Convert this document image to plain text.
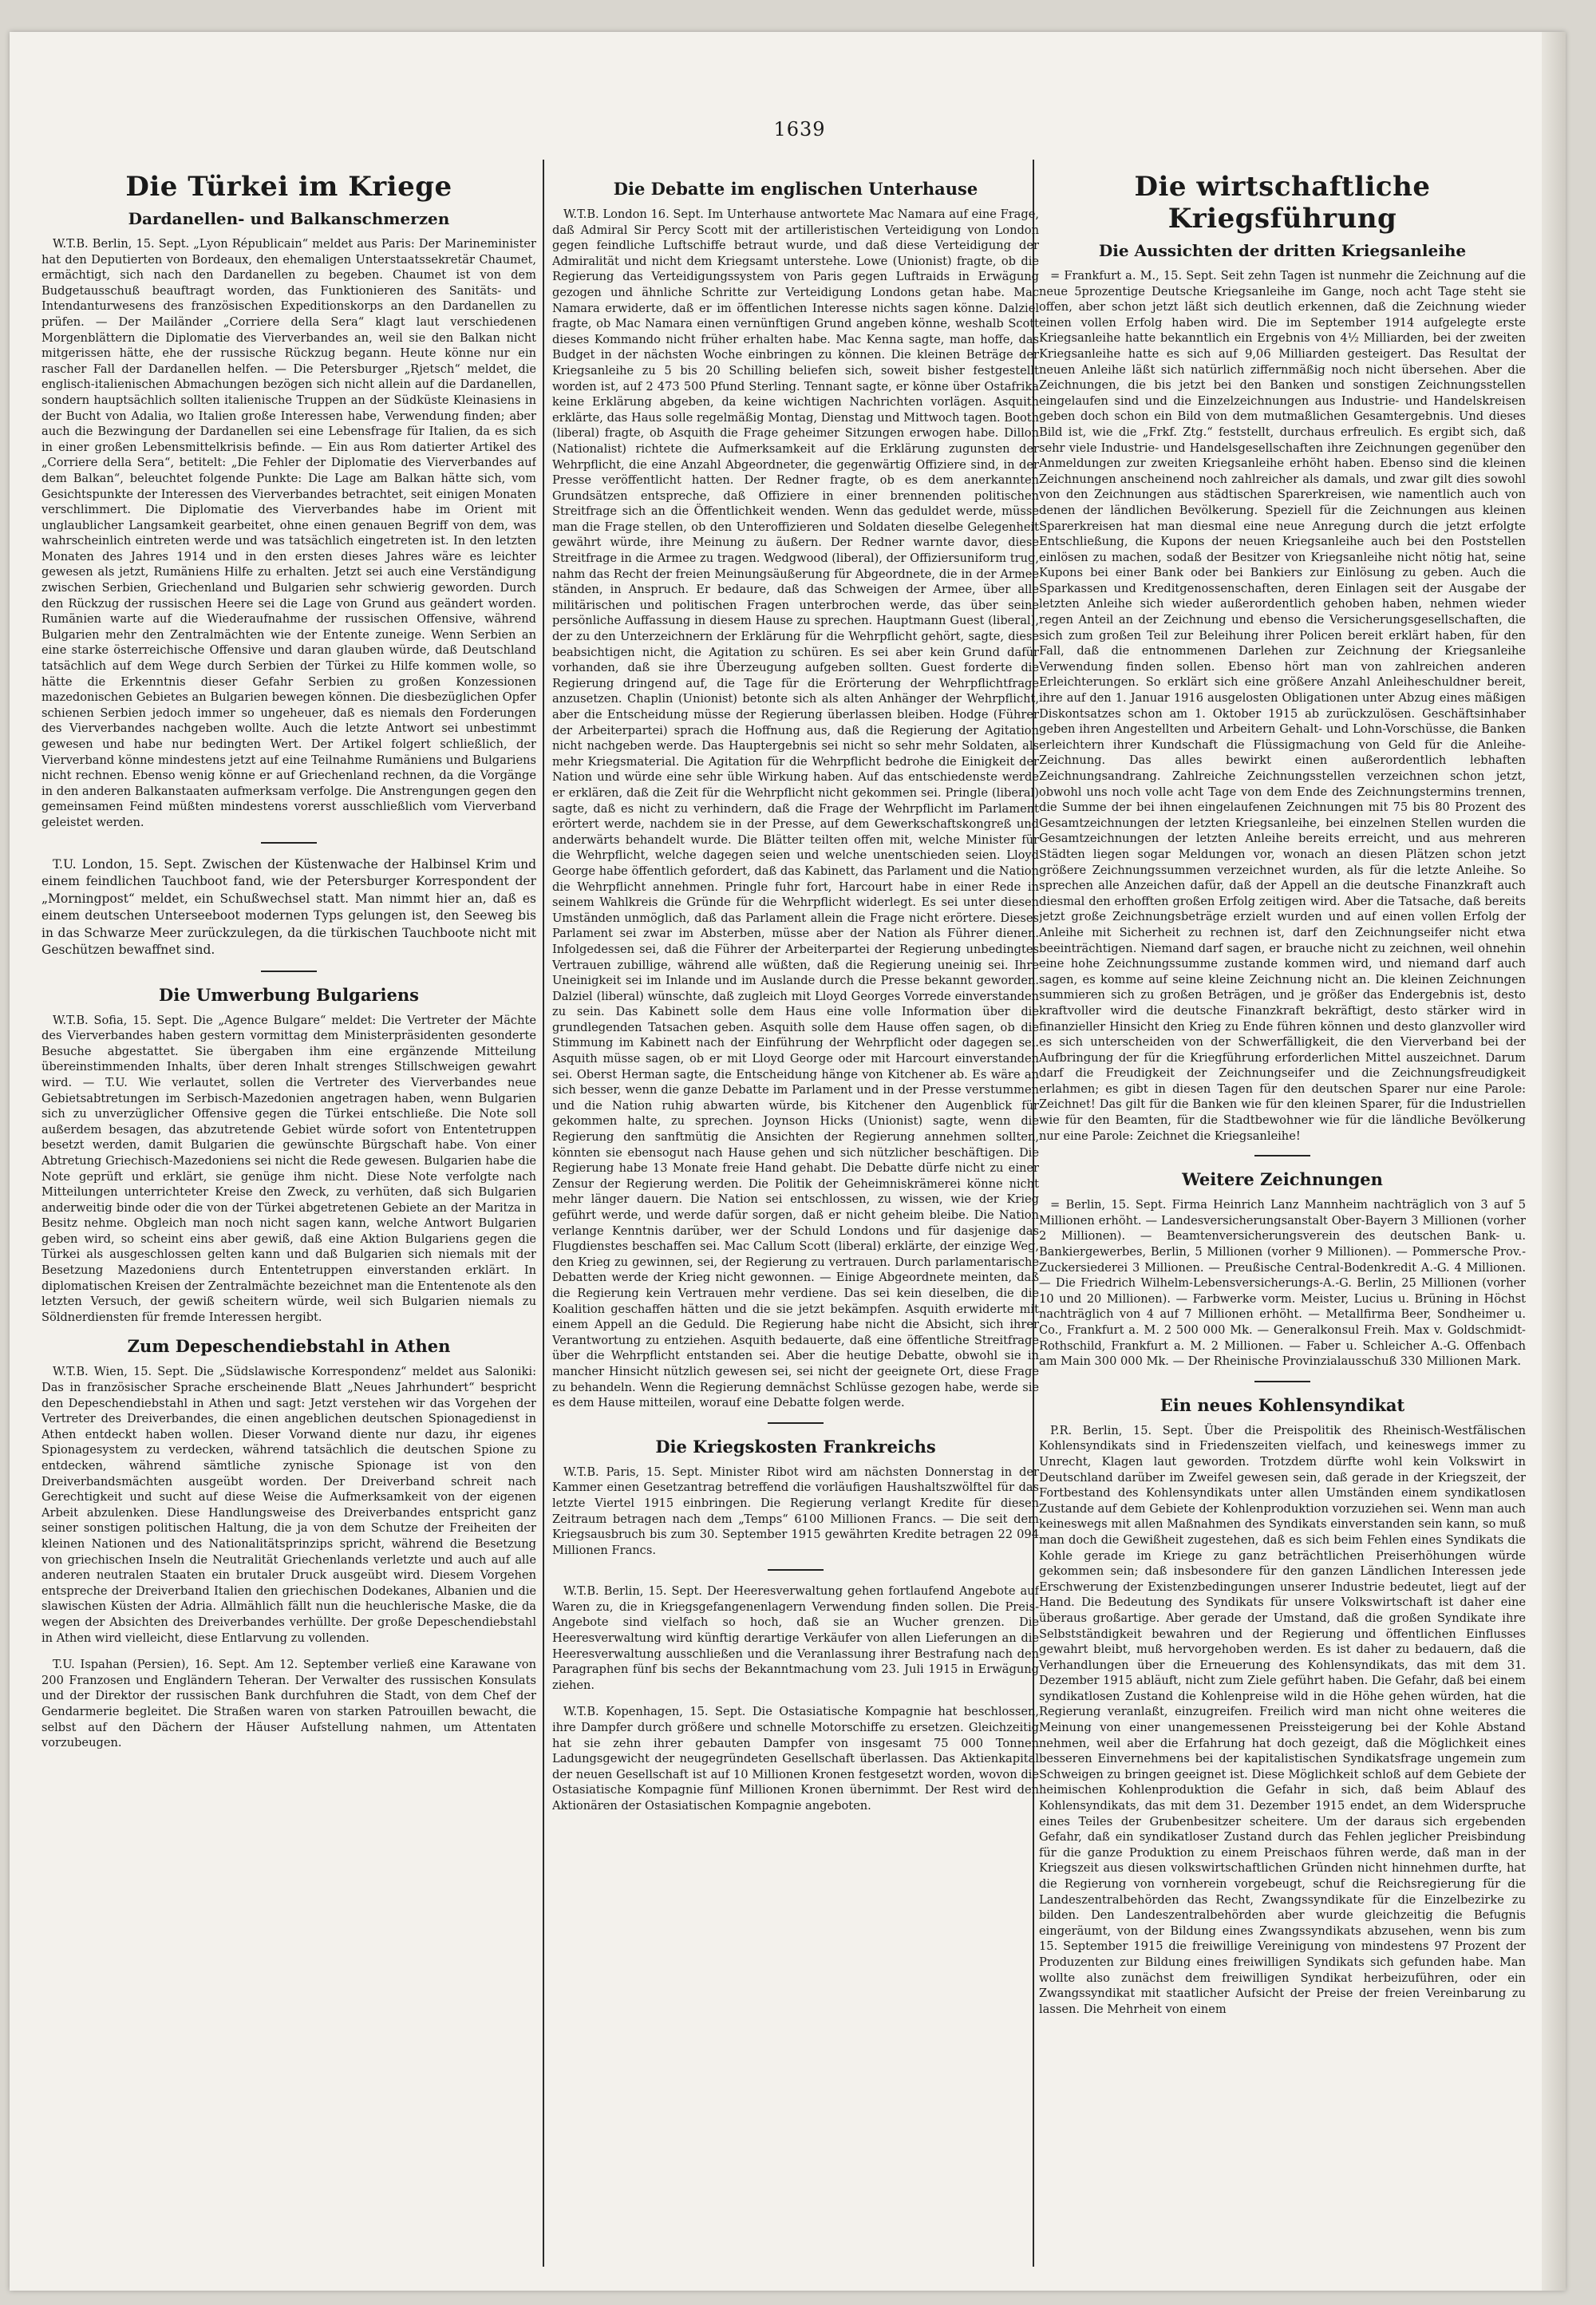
1639
Die Türkei im Kriege
Dardanellen- und Balkanschmerzen

W.T.B. Berlin, 15. Sept. „Lyon Républicain“ meldet aus Paris: Der Marineminister hat den Deputierten von Bordeaux, den ehemaligen Unterstaatssekretär Chaumet, ermächtigt, sich nach den Dardanellen zu begeben. Chaumet ist von dem Budgetausschuß beauftragt worden, das Funktionieren des Sanitäts- und Intendanturwesens des französischen Expeditionskorps an den Dardanellen zu prüfen. — Der Mailänder „Corriere della Sera“ klagt laut verschiedenen Morgenblättern die Diplomatie des Vierverbandes an, weil sie den Balkan nicht mitgerissen hätte, ehe der russische Rückzug begann. Heute könne nur ein rascher Fall der Dardanellen helfen. — Die Petersburger „Rjetsch“ meldet, die englisch-italienischen Abmachungen bezögen sich nicht allein auf die Dardanellen, sondern hauptsächlich sollten italienische Truppen an der Südküste Kleinasiens in der Bucht von Adalia, wo Italien große Interessen habe, Verwendung finden; aber auch die Bezwingung der Dardanellen sei eine Lebensfrage für Italien, da es sich in einer großen Lebensmittelkrisis befinde. — Ein aus Rom datierter Artikel des „Corriere della Sera“, betitelt: „Die Fehler der Diplomatie des Vierverbandes auf dem Balkan“, beleuchtet folgende Punkte: Die Lage am Balkan hätte sich, vom Gesichtspunkte der Interessen des Vierverbandes betrachtet, seit einigen Monaten verschlimmert. Die Diplomatie des Vierverbandes habe im Orient mit unglaublicher Langsamkeit gearbeitet, ohne einen genauen Begriff von dem, was wahrscheinlich eintreten werde und was tatsächlich eingetreten ist. In den letzten Monaten des Jahres 1914 und in den ersten dieses Jahres wäre es leichter gewesen als jetzt, Rumäniens Hilfe zu erhalten. Jetzt sei auch eine Verständigung zwischen Serbien, Griechenland und Bulgarien sehr schwierig geworden. Durch den Rückzug der russischen Heere sei die Lage von Grund aus geändert worden. Rumänien warte auf die Wiederaufnahme der russischen Offensive, während Bulgarien mehr den Zentralmächten wie der Entente zuneige. Wenn Serbien an eine starke österreichische Offensive und daran glauben würde, daß Deutschland tatsächlich auf dem Wege durch Serbien der Türkei zu Hilfe kommen wolle, so hätte die Erkenntnis dieser Gefahr Serbien zu großen Konzessionen mazedonischen Gebietes an Bulgarien bewegen können. Die diesbezüglichen Opfer schienen Serbien jedoch immer so ungeheuer, daß es niemals den Forderungen des Vierverbandes nachgeben wollte. Auch die letzte Antwort sei unbestimmt gewesen und habe nur bedingten Wert. Der Artikel folgert schließlich, der Vierverband könne mindestens jetzt auf eine Teilnahme Rumäniens und Bulgariens nicht rechnen. Ebenso wenig könne er auf Griechenland rechnen, da die Vorgänge in den anderen Balkanstaaten aufmerksam verfolge. Die Anstrengungen gegen den gemeinsamen Feind müßten mindestens vorerst ausschließlich vom Vierverband geleistet werden.

T.U. London, 15. Sept. Zwischen der Küstenwache der Halbinsel Krim und einem feindlichen Tauchboot fand, wie der Petersburger Korrespondent der „Morningpost“ meldet, ein Schußwechsel statt. Man nimmt hier an, daß es einem deutschen Unterseeboot modernen Typs gelungen ist, den Seeweg bis in das Schwarze Meer zurückzulegen, da die türkischen Tauchboote nicht mit Geschützen bewaffnet sind.

Die Umwerbung Bulgariens

W.T.B. Sofia, 15. Sept. Die „Agence Bulgare“ meldet: Die Vertreter der Mächte des Vierverbandes haben gestern vormittag dem Ministerpräsidenten gesonderte Besuche abgestattet. Sie übergaben ihm eine ergänzende Mitteilung übereinstimmenden Inhalts, über deren Inhalt strenges Stillschweigen gewahrt wird. — T.U. Wie verlautet, sollen die Vertreter des Vierverbandes neue Gebietsabtretungen im Serbisch-Mazedonien angetragen haben, wenn Bulgarien sich zu unverzüglicher Offensive gegen die Türkei entschließe. Die Note soll außerdem besagen, das abzutretende Gebiet würde sofort von Ententetruppen besetzt werden, damit Bulgarien die gewünschte Bürgschaft habe. Von einer Abtretung Griechisch-Mazedoniens sei nicht die Rede gewesen. Bulgarien habe die Note geprüft und erklärt, sie genüge ihm nicht. Diese Note verfolgte nach Mitteilungen unterrichteter Kreise den Zweck, zu verhüten, daß sich Bulgarien anderweitig binde oder die von der Türkei abgetretenen Gebiete an der Maritza in Besitz nehme. Obgleich man noch nicht sagen kann, welche Antwort Bulgarien geben wird, so scheint eins aber gewiß, daß eine Aktion Bulgariens gegen die Türkei als ausgeschlossen gelten kann und daß Bulgarien sich niemals mit der Besetzung Mazedoniens durch Ententetruppen einverstanden erklärt. In diplomatischen Kreisen der Zentralmächte bezeichnet man die Ententenote als den letzten Versuch, der gewiß scheitern würde, weil sich Bulgarien niemals zu Söldnerdiensten für fremde Interessen hergibt.

Zum Depeschendiebstahl in Athen

W.T.B. Wien, 15. Sept. Die „Südslawische Korrespondenz“ meldet aus Saloniki: Das in französischer Sprache erscheinende Blatt „Neues Jahrhundert“ bespricht den Depeschendiebstahl in Athen und sagt: Jetzt verstehen wir das Vorgehen der Vertreter des Dreiverbandes, die einen angeblichen deutschen Spionagedienst in Athen entdeckt haben wollen. Dieser Vorwand diente nur dazu, ihr eigenes Spionagesystem zu verdecken, während tatsächlich die deutschen Spione zu entdecken, während sämtliche zynische Spionage ist von den Dreiverbandsmächten ausgeübt worden. Der Dreiverband schreit nach Gerechtigkeit und sucht auf diese Weise die Aufmerksamkeit von der eigenen Arbeit abzulenken. Diese Handlungsweise des Dreiverbandes entspricht ganz seiner sonstigen politischen Haltung, die ja von dem Schutze der Freiheiten der kleinen Nationen und des Nationalitätsprinzips spricht, während die Besetzung von griechischen Inseln die Neutralität Griechenlands verletzte und auch auf alle anderen neutralen Staaten ein brutaler Druck ausgeübt wird. Diesem Vorgehen entspreche der Dreiverband Italien den griechischen Dodekanes, Albanien und die slawischen Küsten der Adria. Allmählich fällt nun die heuchlerische Maske, die da wegen der Absichten des Dreiverbandes verhüllte. Der große Depeschendiebstahl in Athen wird vielleicht, diese Entlarvung zu vollenden.

T.U. Ispahan (Persien), 16. Sept. Am 12. September verließ eine Karawane von 200 Franzosen und Engländern Teheran. Der Verwalter des russischen Konsulats und der Direktor der russischen Bank durchfuhren die Stadt, von dem Chef der Gendarmerie begleitet. Die Straßen waren von starken Patrouillen bewacht, die selbst auf den Dächern der Häuser Aufstellung nahmen, um Attentaten vorzubeugen.

Die Debatte im englischen Unterhause

W.T.B. London 16. Sept. Im Unterhause antwortete Mac Namara auf eine Frage, daß Admiral Sir Percy Scott mit der artilleristischen Verteidigung von London gegen feindliche Luftschiffe betraut wurde, und daß diese Verteidigung der Admiralität und nicht dem Kriegsamt unterstehe. Lowe (Unionist) fragte, ob die Regierung das Verteidigungssystem von Paris gegen Luftraids in Erwägung gezogen und ähnliche Schritte zur Verteidigung Londons getan habe. Mac Namara erwiderte, daß er im öffentlichen Interesse nichts sagen könne. Dalziel fragte, ob Mac Namara einen vernünftigen Grund angeben könne, weshalb Scott dieses Kommando nicht früher erhalten habe. Mac Kenna sagte, man hoffe, das Budget in der nächsten Woche einbringen zu können. Die kleinen Beträge der Kriegsanleihe zu 5 bis 20 Schilling beliefen sich, soweit bisher festgestellt worden ist, auf 2 473 500 Pfund Sterling. Tennant sagte, er könne über Ostafrika keine Erklärung abgeben, da keine wichtigen Nachrichten vorlägen. Asquith erklärte, das Haus solle regelmäßig Montag, Dienstag und Mittwoch tagen. Booth (liberal) fragte, ob Asquith die Frage geheimer Sitzungen erwogen habe. Dillon (Nationalist) richtete die Aufmerksamkeit auf die Erklärung zugunsten der Wehrpflicht, die eine Anzahl Abgeordneter, die gegenwärtig Offiziere sind, in der Presse veröffentlicht hatten. Der Redner fragte, ob es dem anerkannten Grundsätzen entspreche, daß Offiziere in einer brennenden politischen Streitfrage sich an die Öffentlichkeit wenden. Wenn das geduldet werde, müsse man die Frage stellen, ob den Unteroffizieren und Soldaten dieselbe Gelegenheit gewährt würde, ihre Meinung zu äußern. Der Redner warnte davor, diese Streitfrage in die Armee zu tragen. Wedgwood (liberal), der Offiziersuniform trug, nahm das Recht der freien Meinungsäußerung für Abgeordnete, die in der Armee ständen, in Anspruch. Er bedaure, daß das Schweigen der Armee, über alle militärischen und politischen Fragen unterbrochen werde, das über seine persönliche Auffassung in diesem Hause zu sprechen. Hauptmann Guest (liberal), der zu den Unterzeichnern der Erklärung für die Wehrpflicht gehört, sagte, diese beabsichtigen nicht, die Agitation zu schüren. Es sei aber kein Grund dafür vorhanden, daß sie ihre Überzeugung aufgeben sollten. Guest forderte die Regierung dringend auf, die Tage für die Erörterung der Wehrpflichtfrage anzusetzen. Chaplin (Unionist) betonte sich als alten Anhänger der Wehrpflicht, aber die Entscheidung müsse der Regierung überlassen bleiben. Hodge (Führer der Arbeiterpartei) sprach die Hoffnung aus, daß die Regierung der Agitation nicht nachgeben werde. Das Hauptergebnis sei nicht so sehr mehr Soldaten, als mehr Kriegsmaterial. Die Agitation für die Wehrpflicht bedrohe die Einigkeit der Nation und würde eine sehr üble Wirkung haben. Auf das entschiedenste werde er erklären, daß die Zeit für die Wehrpflicht nicht gekommen sei. Pringle (liberal) sagte, daß es nicht zu verhindern, daß die Frage der Wehrpflicht im Parlament erörtert werde, nachdem sie in der Presse, auf dem Gewerkschaftskongreß und anderwärts behandelt wurde. Die Blätter teilten offen mit, welche Minister für die Wehrpflicht, welche dagegen seien und welche unentschieden seien. Lloyd George habe öffentlich gefordert, daß das Kabinett, das Parlament und die Nation die Wehrpflicht annehmen. Pringle fuhr fort, Harcourt habe in einer Rede in seinem Wahlkreis die Gründe für die Wehrpflicht widerlegt. Es sei unter diesen Umständen unmöglich, daß das Parlament allein die Frage nicht erörtere. Dieses Parlament sei zwar im Absterben, müsse aber der Nation als Führer dienen. Infolgedessen sei, daß die Führer der Arbeiterpartei der Regierung unbedingtes Vertrauen zubillige, während alle wüßten, daß die Regierung uneinig sei. Ihre Uneinigkeit sei im Inlande und im Auslande durch die Presse bekannt geworden. Dalziel (liberal) wünschte, daß zugleich mit Lloyd Georges Vorrede einverstanden zu sein. Das Kabinett solle dem Haus eine volle Information über die grundlegenden Tatsachen geben. Asquith solle dem Hause offen sagen, ob die Stimmung im Kabinett nach der Einführung der Wehrpflicht oder dagegen sei. Asquith müsse sagen, ob er mit Lloyd George oder mit Harcourt einverstanden sei. Oberst Herman sagte, die Entscheidung hänge von Kitchener ab. Es wäre an sich besser, wenn die ganze Debatte im Parlament und in der Presse verstummen und die Nation ruhig abwarten würde, bis Kitchener den Augenblick für gekommen halte, zu sprechen. Joynson Hicks (Unionist) sagte, wenn die Regierung den sanftmütig die Ansichten der Regierung annehmen sollten, könnten sie ebensogut nach Hause gehen und sich nützlicher beschäftigen. Die Regierung habe 13 Monate freie Hand gehabt. Die Debatte dürfe nicht zu einer Zensur der Regierung werden. Die Politik der Geheimniskrämerei könne nicht mehr länger dauern. Die Nation sei entschlossen, zu wissen, wie der Krieg geführt werde, und werde dafür sorgen, daß er nicht geheim bleibe. Die Nation verlange Kenntnis darüber, wer der Schuld Londons und für dasjenige das Flugdienstes beschaffen sei. Mac Callum Scott (liberal) erklärte, der einzige Weg, den Krieg zu gewinnen, sei, der Regierung zu vertrauen. Durch parlamentarische Debatten werde der Krieg nicht gewonnen. — Einige Abgeordnete meinten, daß die Regierung kein Vertrauen mehr verdiene. Das sei kein dieselben, die die Koalition geschaffen hätten und die sie jetzt bekämpfen. Asquith erwiderte mit einem Appell an die Geduld. Die Regierung habe nicht die Absicht, sich ihrer Verantwortung zu entziehen. Asquith bedauerte, daß eine öffentliche Streitfrage über die Wehrpflicht entstanden sei. Aber die heutige Debatte, obwohl sie in mancher Hinsicht nützlich gewesen sei, sei nicht der geeignete Ort, diese Frage zu behandeln. Wenn die Regierung demnächst Schlüsse gezogen habe, werde sie es dem Hause mitteilen, worauf eine Debatte folgen werde.

Die Kriegskosten Frankreichs

W.T.B. Paris, 15. Sept. Minister Ribot wird am nächsten Donnerstag in der Kammer einen Gesetzantrag betreffend die vorläufigen Haushaltszwölftel für das letzte Viertel 1915 einbringen. Die Regierung verlangt Kredite für diesen Zeitraum betragen nach dem „Temps“ 6100 Millionen Francs. — Die seit dem Kriegsausbruch bis zum 30. September 1915 gewährten Kredite betragen 22 094 Millionen Francs.

W.T.B. Berlin, 15. Sept. Der Heeresverwaltung gehen fortlaufend Angebote auf Waren zu, die in Kriegsgefangenenlagern Verwendung finden sollen. Die Preis-Angebote sind vielfach so hoch, daß sie an Wucher grenzen. Die Heeresverwaltung wird künftig derartige Verkäufer von allen Lieferungen an die Heeresverwaltung ausschließen und die Veranlassung ihrer Bestrafung nach den Paragraphen fünf bis sechs der Bekanntmachung vom 23. Juli 1915 in Erwägung ziehen.

W.T.B. Kopenhagen, 15. Sept. Die Ostasiatische Kompagnie hat beschlossen, ihre Dampfer durch größere und schnelle Motorschiffe zu ersetzen. Gleichzeitig hat sie zehn ihrer gebauten Dampfer von insgesamt 75 000 Tonnen Ladungsgewicht der neugegründeten Gesellschaft überlassen. Das Aktienkapital der neuen Gesellschaft ist auf 10 Millionen Kronen festgesetzt worden, wovon die Ostasiatische Kompagnie fünf Millionen Kronen übernimmt. Der Rest wird den Aktionären der Ostasiatischen Kompagnie angeboten.

Die wirtschaftliche Kriegsführung
Die Aussichten der dritten Kriegsanleihe

= Frankfurt a. M., 15. Sept. Seit zehn Tagen ist nunmehr die Zeichnung auf die neue 5prozentige Deutsche Kriegsanleihe im Gange, noch acht Tage steht sie offen, aber schon jetzt läßt sich deutlich erkennen, daß die Zeichnung wieder einen vollen Erfolg haben wird. Die im September 1914 aufgelegte erste Kriegsanleihe hatte bekanntlich ein Ergebnis von 4½ Milliarden, bei der zweiten Kriegsanleihe hatte es sich auf 9,06 Milliarden gesteigert. Das Resultat der neuen Anleihe läßt sich natürlich ziffernmäßig noch nicht übersehen. Aber die Zeichnungen, die bis jetzt bei den Banken und sonstigen Zeichnungsstellen eingelaufen sind und die Einzelzeichnungen aus Industrie- und Handelskreisen geben doch schon ein Bild von dem mutmaßlichen Gesamtergebnis. Und dieses Bild ist, wie die „Frkf. Ztg.“ feststellt, durchaus erfreulich. Es ergibt sich, daß sehr viele Industrie- und Handelsgesellschaften ihre Zeichnungen gegenüber den Anmeldungen zur zweiten Kriegsanleihe erhöht haben. Ebenso sind die kleinen Zeichnungen anscheinend noch zahlreicher als damals, und zwar gilt dies sowohl von den Zeichnungen aus städtischen Sparerkreisen, wie namentlich auch von denen der ländlichen Bevölkerung. Speziell für die Zeichnungen aus kleinen Sparerkreisen hat man diesmal eine neue Anregung durch die jetzt erfolgte Entschließung, die Kupons der neuen Kriegsanleihe auch bei den Poststellen einlösen zu machen, sodaß der Besitzer von Kriegsanleihe nicht nötig hat, seine Kupons bei einer Bank oder bei Bankiers zur Einlösung zu geben. Auch die Sparkassen und Kreditgenossenschaften, deren Einlagen seit der Ausgabe der letzten Anleihe sich wieder außerordentlich gehoben haben, nehmen wieder regen Anteil an der Zeichnung und ebenso die Versicherungsgesellschaften, die sich zum großen Teil zur Beleihung ihrer Policen bereit erklärt haben, für den Fall, daß die entnommenen Darlehen zur Zeichnung der Kriegsanleihe Verwendung finden sollen. Ebenso hört man von zahlreichen anderen Erleichterungen. So erklärt sich eine größere Anzahl Anleiheschuldner bereit, ihre auf den 1. Januar 1916 ausgelosten Obligationen unter Abzug eines mäßigen Diskontsatzes schon am 1. Oktober 1915 ab zurückzulösen. Geschäftsinhaber geben ihren Angestellten und Arbeitern Gehalt- und Lohn-Vorschüsse, die Banken erleichtern ihrer Kundschaft die Flüssigmachung von Geld für die Anleihe-Zeichnung. Das alles bewirkt einen außerordentlich lebhaften Zeichnungsandrang. Zahlreiche Zeichnungsstellen verzeichnen schon jetzt, obwohl uns noch volle acht Tage von dem Ende des Zeichnungstermins trennen, die Summe der bei ihnen eingelaufenen Zeichnungen mit 75 bis 80 Prozent des Gesamtzeichnungen der letzten Kriegsanleihe, bei einzelnen Stellen wurden die Gesamtzeichnungen der letzten Anleihe bereits erreicht, und aus mehreren Städten liegen sogar Meldungen vor, wonach an diesen Plätzen schon jetzt größere Zeichnungssummen verzeichnet wurden, als für die letzte Anleihe. So sprechen alle Anzeichen dafür, daß der Appell an die deutsche Finanzkraft auch diesmal den erhofften großen Erfolg zeitigen wird. Aber die Tatsache, daß bereits jetzt große Zeichnungsbeträge erzielt wurden und auf einen vollen Erfolg der Anleihe mit Sicherheit zu rechnen ist, darf den Zeichnungseifer nicht etwa beeinträchtigen. Niemand darf sagen, er brauche nicht zu zeichnen, weil ohnehin eine hohe Zeichnungssumme zustande kommen wird, und niemand darf auch sagen, es komme auf seine kleine Zeichnung nicht an. Die kleinen Zeichnungen summieren sich zu großen Beträgen, und je größer das Endergebnis ist, desto kraftvoller wird die deutsche Finanzkraft bekräftigt, desto stärker wird in finanzieller Hinsicht den Krieg zu Ende führen können und desto glanzvoller wird es sich unterscheiden von der Schwerfälligkeit, die den Vierverband bei der Aufbringung der für die Kriegführung erforderlichen Mittel auszeichnet. Darum darf die Freudigkeit der Zeichnungseifer und die Zeichnungsfreudigkeit erlahmen; es gibt in diesen Tagen für den deutschen Sparer nur eine Parole: Zeichnet! Das gilt für die Banken wie für den kleinen Sparer, für die Industriellen wie für den Beamten, für die Stadtbewohner wie für die ländliche Bevölkerung nur eine Parole: Zeichnet die Kriegsanleihe!

Weitere Zeichnungen

= Berlin, 15. Sept. Firma Heinrich Lanz Mannheim nachträglich von 3 auf 5 Millionen erhöht. — Landesversicherungsanstalt Ober-Bayern 3 Millionen (vorher 2 Millionen). — Beamtenversicherungsverein des deutschen Bank- u. Bankiergewerbes, Berlin, 5 Millionen (vorher 9 Millionen). — Pommersche Prov.-Zuckersiederei 3 Millionen. — Preußische Central-Bodenkredit A.-G. 4 Millionen. — Die Friedrich Wilhelm-Lebensversicherungs-A.-G. Berlin, 25 Millionen (vorher 10 und 20 Millionen). — Farbwerke vorm. Meister, Lucius u. Brüning in Höchst nachträglich von 4 auf 7 Millionen erhöht. — Metallfirma Beer, Sondheimer u. Co., Frankfurt a. M. 2 500 000 Mk. — Generalkonsul Freih. Max v. Goldschmidt-Rothschild, Frankfurt a. M. 2 Millionen. — Faber u. Schleicher A.-G. Offenbach am Main 300 000 Mk. — Der Rheinische Provinzialausschuß 330 Millionen Mark.

Ein neues Kohlensyndikat

P.R. Berlin, 15. Sept. Über die Preispolitik des Rheinisch-Westfälischen Kohlensyndikats sind in Friedenszeiten vielfach, und keineswegs immer zu Unrecht, Klagen laut geworden. Trotzdem dürfte wohl kein Volkswirt in Deutschland darüber im Zweifel gewesen sein, daß gerade in der Kriegszeit, der Fortbestand des Kohlensyndikats unter allen Umständen einem syndikatlosen Zustande auf dem Gebiete der Kohlenproduktion vorzuziehen sei. Wenn man auch keineswegs mit allen Maßnahmen des Syndikats einverstanden sein kann, so muß man doch die Gewißheit zugestehen, daß es sich beim Fehlen eines Syndikats die Kohle gerade im Kriege zu ganz beträchtlichen Preiserhöhungen würde gekommen sein; daß insbesondere für den ganzen Ländlichen Interessen jede Erschwerung der Existenzbedingungen unserer Industrie bedeutet, liegt auf der Hand. Die Bedeutung des Syndikats für unsere Volkswirtschaft ist daher eine überaus großartige. Aber gerade der Umstand, daß die großen Syndikate ihre Selbstständigkeit bewahren und der Regierung und öffentlichen Einflusses gewahrt bleibt, muß hervorgehoben werden. Es ist daher zu bedauern, daß die Verhandlungen über die Erneuerung des Kohlensyndikats, das mit dem 31. Dezember 1915 abläuft, nicht zum Ziele geführt haben. Die Gefahr, daß bei einem syndikatlosen Zustand die Kohlenpreise wild in die Höhe gehen würden, hat die Regierung veranlaßt, einzugreifen. Freilich wird man nicht ohne weiteres die Meinung von einer unangemessenen Preissteigerung bei der Kohle Abstand nehmen, weil aber die Erfahrung hat doch gezeigt, daß die Möglichkeit eines besseren Einvernehmens bei der kapitalistischen Syndikatsfrage ungemein zum Schweigen zu bringen geeignet ist. Diese Möglichkeit schloß auf dem Gebiete der heimischen Kohlenproduktion die Gefahr in sich, daß beim Ablauf des Kohlensyndikats, das mit dem 31. Dezember 1915 endet, an dem Widerspruche eines Teiles der Grubenbesitzer scheitere. Um der daraus sich ergebenden Gefahr, daß ein syndikatloser Zustand durch das Fehlen jeglicher Preisbindung für die ganze Produktion zu einem Preischaos führen werde, daß man in der Kriegszeit aus diesen volkswirtschaftlichen Gründen nicht hinnehmen durfte, hat die Regierung von vornherein vorgebeugt, schuf die Reichsregierung für die Landeszentralbehörden das Recht, Zwangssyndikate für die Einzelbezirke zu bilden. Den Landeszentralbehörden aber wurde gleichzeitig die Befugnis eingeräumt, von der Bildung eines Zwangssyndikats abzusehen, wenn bis zum 15. September 1915 die freiwillige Vereinigung von mindestens 97 Prozent der Produzenten zur Bildung eines freiwilligen Syndikats sich gefunden habe. Man wollte also zunächst dem freiwilligen Syndikat herbeizuführen, oder ein Zwangssyndikat mit staatlicher Aufsicht der Preise der freien Vereinbarung zu lassen. Die Mehrheit von einem
